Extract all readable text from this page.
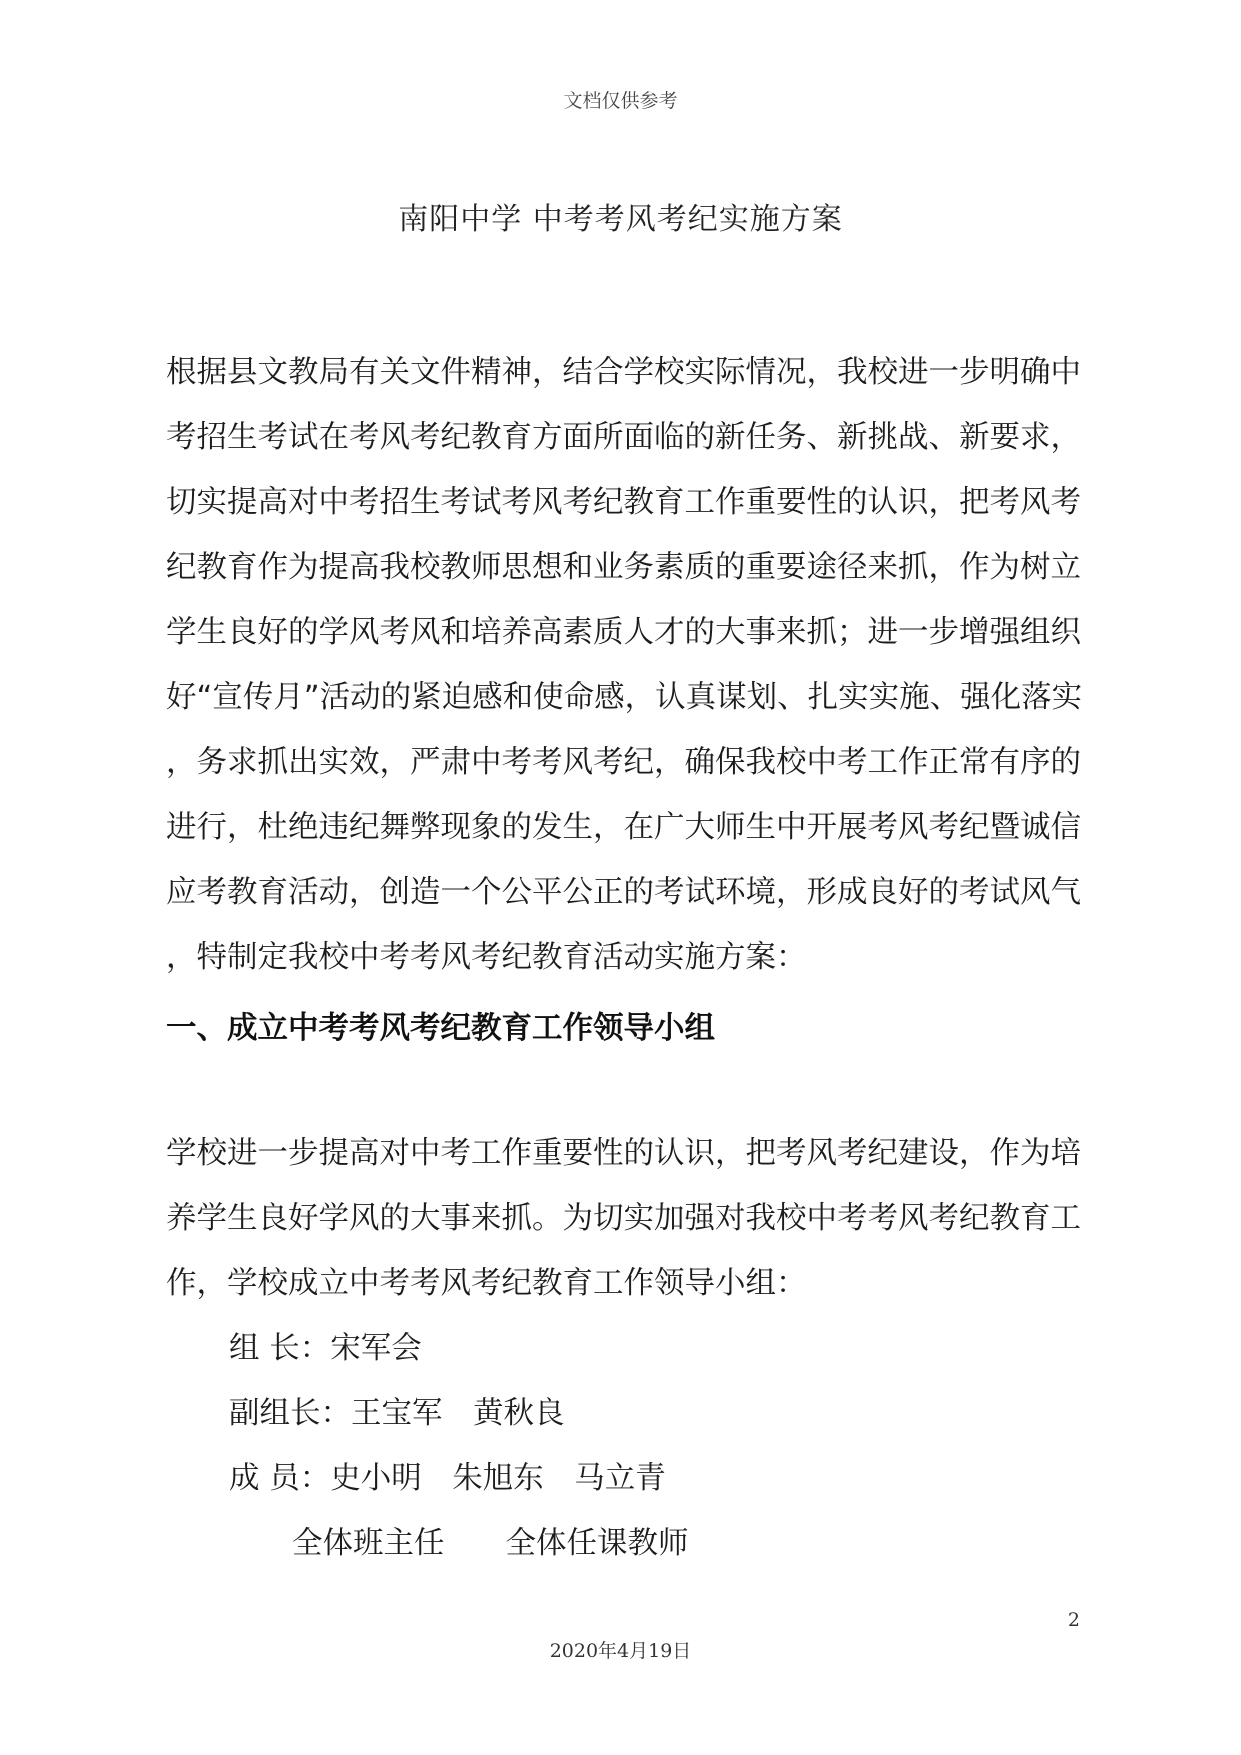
文档仅供参考
南阳中学 中考考风考纪实施方案
根据县文教局有关文件精神，结合学校实际情况，我校进一步明确中
考招生考试在考风考纪教育方面所面临的新任务、新挑战、新要求，
切实提高对中考招生考试考风考纪教育工作重要性的认识，把考风考
纪教育作为提高我校教师思想和业务素质的重要途径来抓，作为树立
学生良好的学风考风和培养高素质人才的大事来抓；进一步增强组织
好“宣传月”活动的紧迫感和使命感，认真谋划、扎实实施、强化落实
，务求抓出实效，严肃中考考风考纪，确保我校中考工作正常有序的
进行，杜绝违纪舞弊现象的发生，在广大师生中开展考风考纪暨诚信
应考教育活动，创造一个公平公正的考试环境，形成良好的考试风气
，特制定我校中考考风考纪教育活动实施方案：
一、成立中考考风考纪教育工作领导小组
学校进一步提高对中考工作重要性的认识，把考风考纪建设，作为培
养学生良好学风的大事来抓。为切实加强对我校中考考风考纪教育工
作，学校成立中考考风考纪教育工作领导小组：
组 长：宋军会
副组长：王宝军　黄秋良
成 员：史小明　朱旭东　马立青
全体班主任　　全体任课教师
2
2020年4月19日
